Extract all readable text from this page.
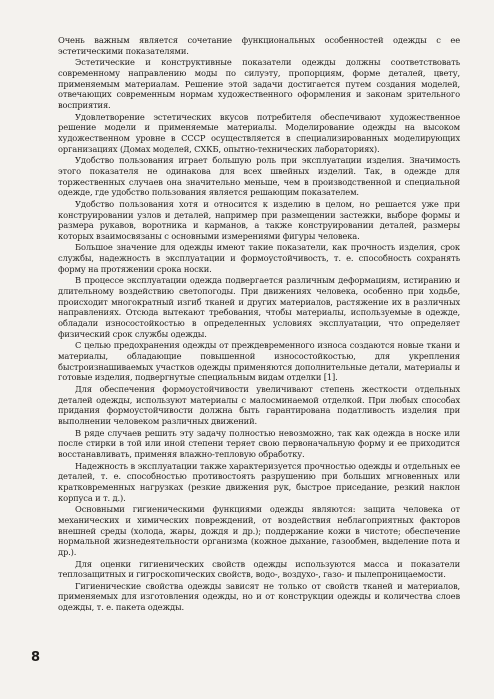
Очень важным является сочетание функциональных особенностей одежды с ее эстетическими показателями.

Эстетические и конструктивные показатели одежды должны соответствовать современному направлению моды по силуэту, пропорциям, форме деталей, цвету, применяемым материалам. Решение этой задачи достигается путем создания моделей, отвечающих современным нормам художественного оформления и законам зрительного восприятия.

Удовлетворение эстетических вкусов потребителя обеспечивают художественное решение модели и применяемые материалы. Моделирование одежды на высоком художественном уровне в СССР осуществляется в специализированных моделирующих организациях (Домах моделей, СХКБ, опытно-технических лабораториях).

Удобство пользования играет большую роль при эксплуатации изделия. Значимость этого показателя не одинакова для всех швейных изделий. Так, в одежде для торжественных случаев она значительно меньше, чем в производственной и специальной одежде, где удобство пользования является решающим показателем.

Удобство пользования хотя и относится к изделию в целом, но решается уже при конструировании узлов и деталей, например при размещении застежки, выборе формы и размера рукавов, воротника и карманов, а также конструировании деталей, размеры которых взаимосвязаны с основными измерениями фигуры человека.

Большое значение для одежды имеют такие показатели, как прочность изделия, срок службы, надежность в эксплуатации и формоустойчивость, т. е. способность сохранять форму на протяжении срока носки.

В процессе эксплуатации одежда подвергается различным деформациям, истиранию и длительному воздействию светопогоды. При движениях человека, особенно при ходьбе, происходит многократный изгиб тканей и других материалов, растяжение их в различных направлениях. Отсюда вытекают требования, чтобы материалы, используемые в одежде, обладали износостойкостью в определенных условиях эксплуатации, что определяет физический срок службы одежды.

С целью предохранения одежды от преждевременного износа создаются новые ткани и материалы, обладающие повышенной износостойкостью, для укрепления быстроизнашиваемых участков одежды применяются дополнительные детали, материалы и готовые изделия, подвергнутые специальным видам отделки [1].

Для обеспечения формоустойчивости увеличивают степень жесткости отдельных деталей одежды, используют материалы с малосминаемой отделкой. При любых способах придания формоустойчивости должна быть гарантирована податливость изделия при выполнении человеком различных движений.

В ряде случаев решить эту задачу полностью невозможно, так как одежда в носке или после стирки в той или иной степени теряет свою первоначальную форму и ее приходится восстанавливать, применяя влажно-тепловую обработку.

Надежность в эксплуатации также характеризуется прочностью одежды и отдельных ее деталей, т. е. способностью противостоять разрушению при больших мгновенных или кратковременных нагрузках (резкие движения рук, быстрое приседание, резкий наклон корпуса и т. д.).

Основными гигиеническими функциями одежды являются: защита человека от механических и химических повреждений, от воздействия неблагоприятных факторов внешней среды (холода, жары, дождя и др.); поддержание кожи в чистоте; обеспечение нормальной жизнедеятельности организма (кожное дыхание, газообмен, выделение пота и др.).

Для оценки гигиенических свойств одежды используются масса и показатели теплозащитных и гигроскопических свойств, водо-, воздухо-, газо- и пылепроницаемости.

Гигиенические свойства одежды зависят не только от свойств тканей и материалов, применяемых для изготовления одежды, но и от конструкции одежды и количества слоев одежды, т. е. пакета одежды.

8
